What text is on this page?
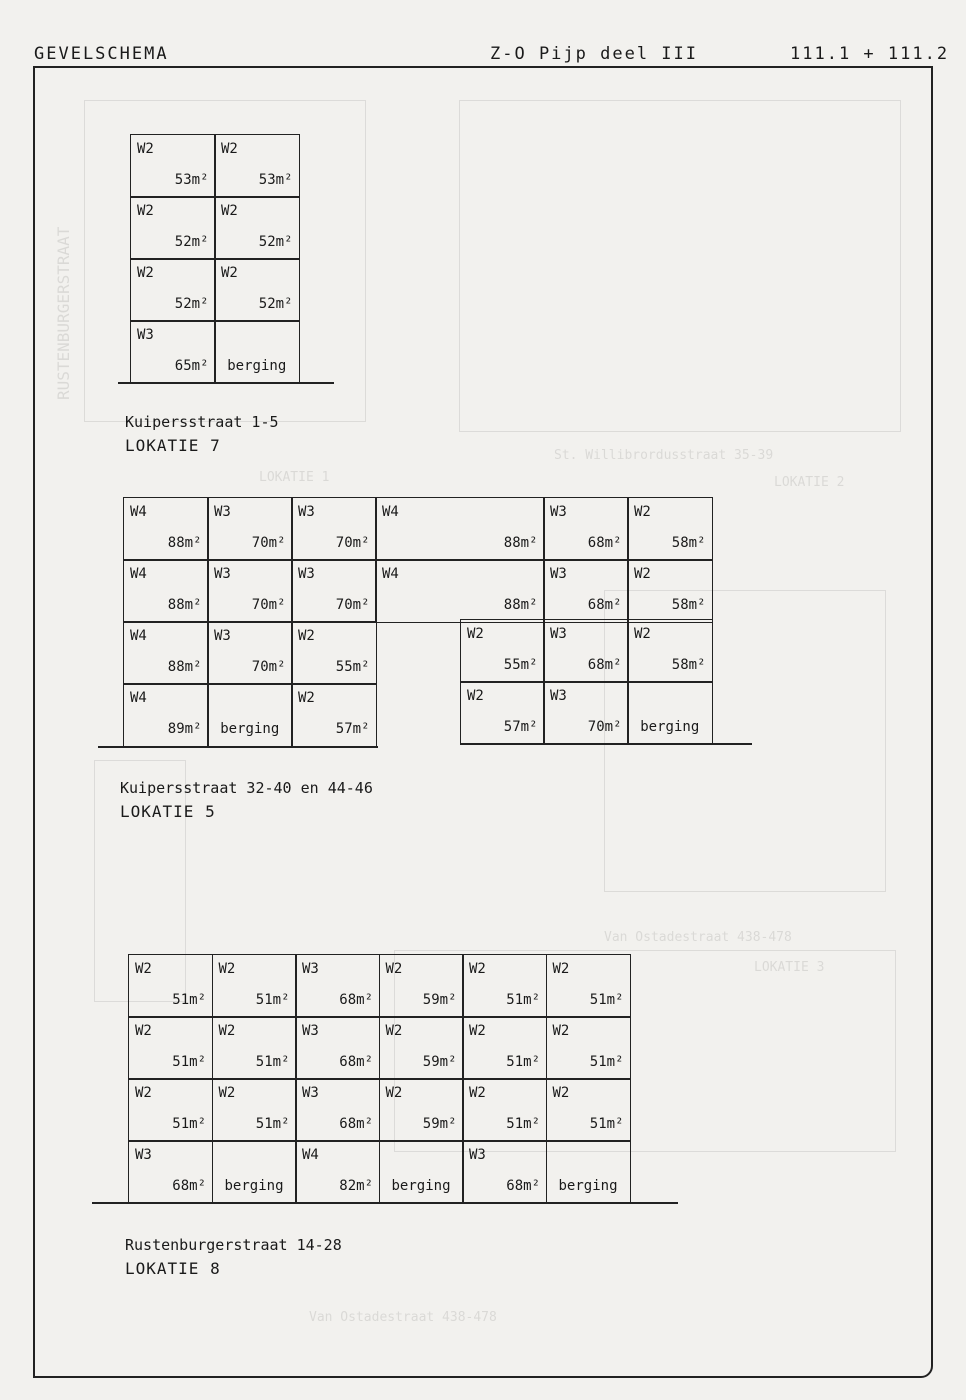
GEVELSCHEMA	Z-O Pijp deel III	111.1 + 111.2
RUSTENBURGERSTRAAT
Van Ostadestraat 438-478
Van Ostadestraat 438-478
LOKATIE 3
St. Willibrordusstraat 35-39
LOKATIE 2
LOKATIE 1
Kuipersstraat 1-5
LOKATIE 7
Kuipersstraat 32-40 en 44-46
LOKATIE 5
Rustenburgerstraat 14-28
LOKATIE 8
W2
53m²
W2
53m²
W2
52m²
W2
52m²
W2
52m²
W2
52m²
W3
65m² berging
W4
88m²
W3
70m²
W3
70m²
W4
88m²
W3
70m²
W3
70m²
W4
88m²
W3
70m²
W2
55m²
W4
89m² berging
W2
57m²
W4
88m²
W4
88m²
W3
68m²
W2
58m²
W3
68m²
W2
58m²
W2
55m²
W3
68m²
W2
58m²
W2
57m²
W3
70m² berging
W2
51m²
W2
51m²
W3
68m²
W2
59m²
W2
51m²
W2
51m²
W2
51m²
W2
51m²
W3
68m²
W2
59m²
W2
51m²
W2
51m²
W2
51m²
W2
51m²
W3
68m²
W2
59m²
W2
51m²
W2
51m²
W3
68m² berging
W4
82m² berging
W3
68m² berging
